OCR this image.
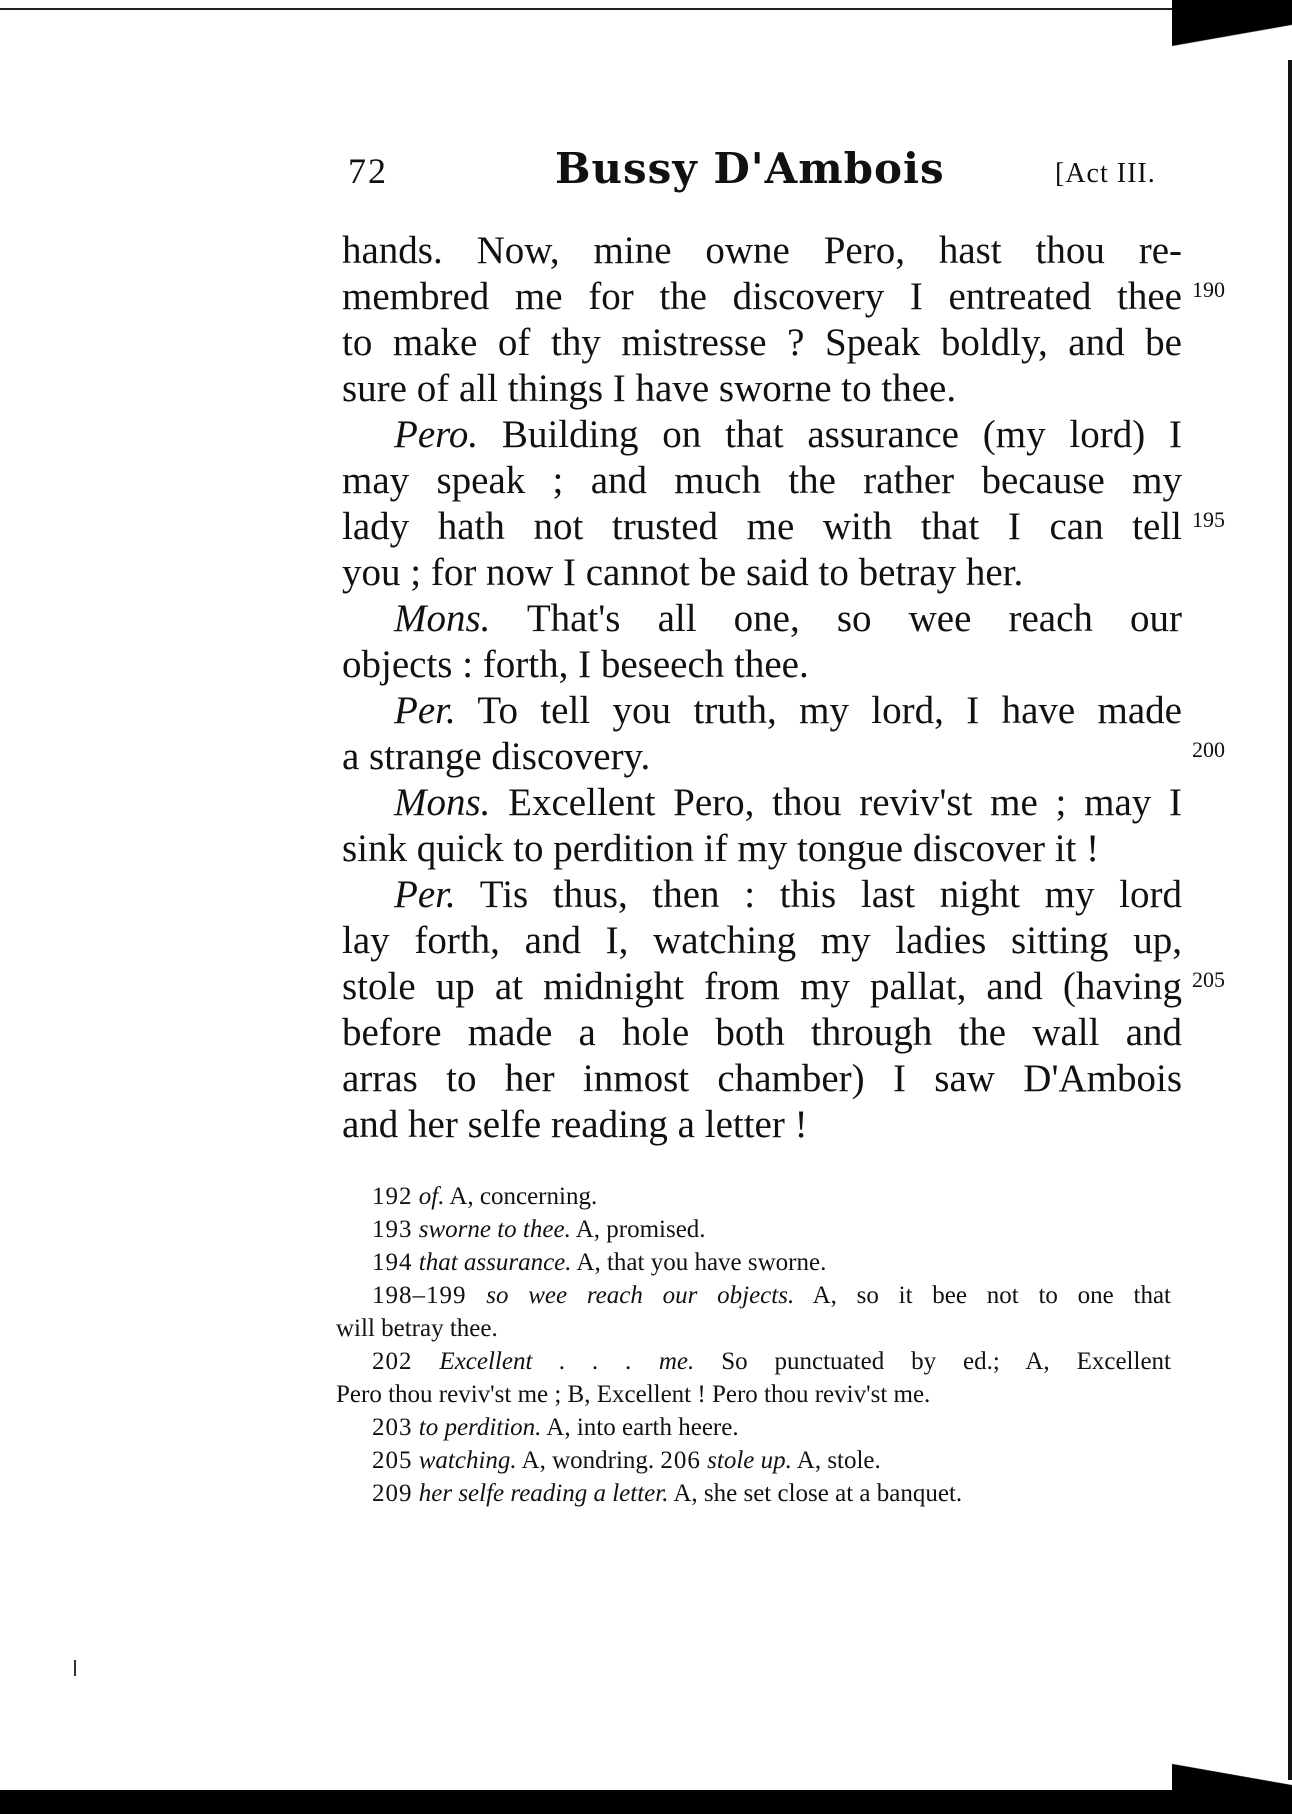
72	Bussy D'Ambois	[Act III.
hands. Now, mine owne Pero, hast thou re-
membred me for the discovery I entreated thee
to make of thy mistresse ? Speak boldly, and be
sure of all things I have sworne to thee.
Pero. Building on that assurance (my lord) I
may speak ; and much the rather because my
lady hath not trusted me with that I can tell
you ; for now I cannot be said to betray her.
Mons. That's all one, so wee reach our
objects : forth, I beseech thee.
Per. To tell you truth, my lord, I have made
a strange discovery.
Mons. Excellent Pero, thou reviv'st me ; may I
sink quick to perdition if my tongue discover it !
Per. Tis thus, then : this last night my lord
lay forth, and I, watching my ladies sitting up,
stole up at midnight from my pallat, and (having
before made a hole both through the wall and
arras to her inmost chamber) I saw D'Ambois
and her selfe reading a letter !
190
195
200
205
192 of. A, concerning.
193 sworne to thee. A, promised.
194 that assurance. A, that you have sworne.
198–199 so wee reach our objects. A, so it bee not to one that
will betray thee.
202 Excellent . . . me. So punctuated by ed.; A, Excellent
Pero thou reviv'st me ; B, Excellent ! Pero thou reviv'st me.
203 to perdition. A, into earth heere.
205 watching. A, wondring. 206 stole up. A, stole.
209 her selfe reading a letter. A, she set close at a banquet.
